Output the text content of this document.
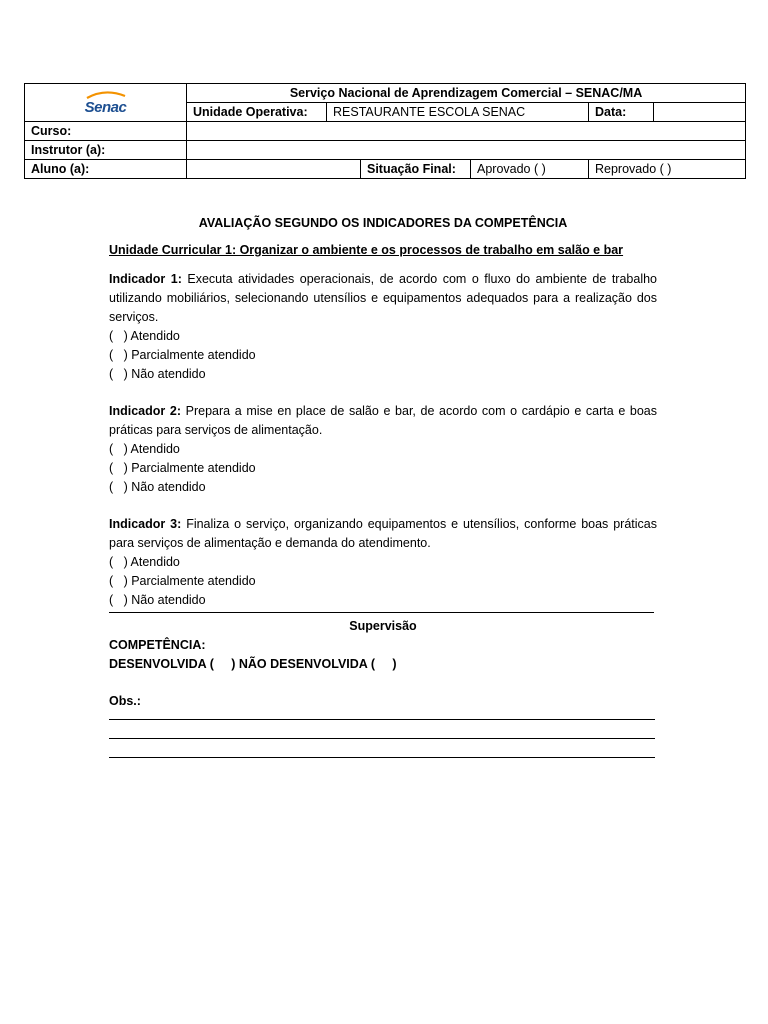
Senac	Serviço Nacional de Aprendizagem Comercial – SENAC/MA					
	Unidade Operativa:	RESTAURANTE ESCOLA SENAC			Data:	
Curso:						
Instrutor (a):						
Aluno (a):			Situação Final:	Aprovado ( )	Reprovado ( )	
AVALIAÇÃO SEGUNDO OS INDICADORES DA COMPETÊNCIA
Unidade Curricular 1: Organizar o ambiente e os processos de trabalho em salão e bar
Indicador 1: Executa atividades operacionais, de acordo com o fluxo do ambiente de trabalho utilizando mobiliários, selecionando utensílios e equipamentos adequados para a realização dos serviços.
(   ) Atendido
(   ) Parcialmente atendido
(   ) Não atendido
Indicador 2: Prepara a mise en place de salão e bar, de acordo com o cardápio e carta e boas práticas para serviços de alimentação.
(   ) Atendido
(   ) Parcialmente atendido
(   ) Não atendido
Indicador 3: Finaliza o serviço, organizando equipamentos e utensílios, conforme boas práticas para serviços de alimentação e demanda do atendimento.
(   ) Atendido
(   ) Parcialmente atendido
(   ) Não atendido
Supervisão
COMPETÊNCIA:
DESENVOLVIDA (     ) NÃO DESENVOLVIDA (     )
Obs.:
